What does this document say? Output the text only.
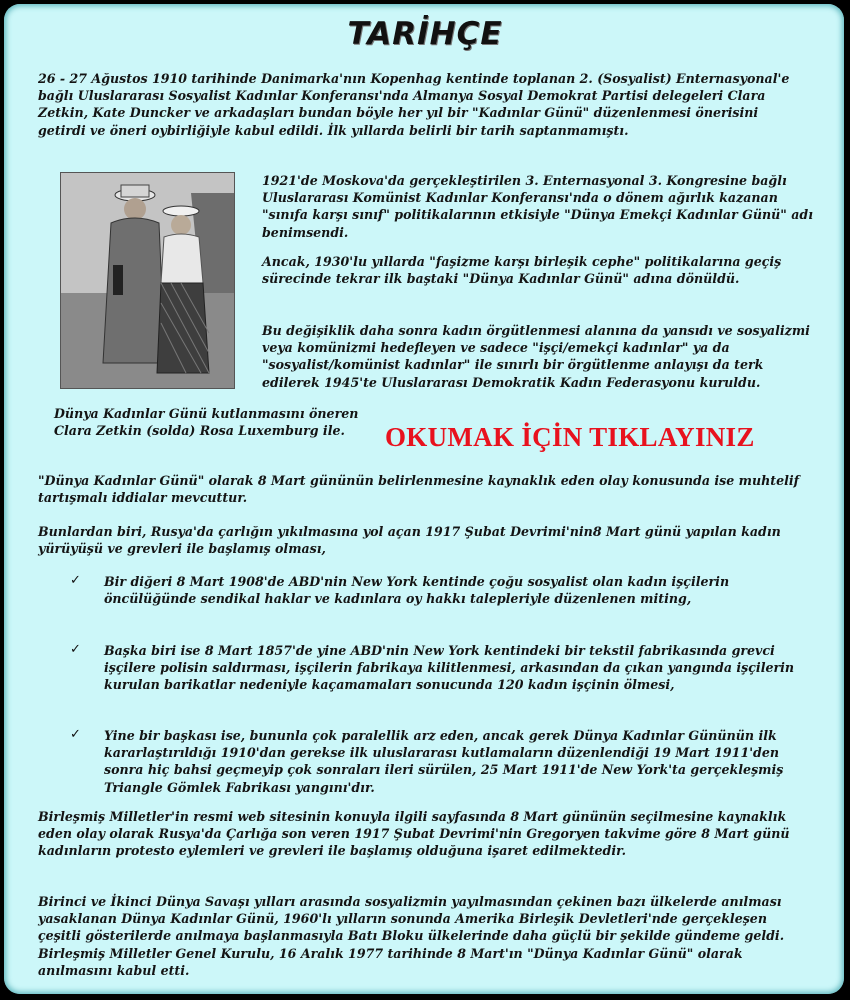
TARİHÇE

26 - 27 Ağustos 1910 tarihinde Danimarka'nın Kopenhag kentinde toplanan 2. (Sosyalist) Enternasyonal'e bağlı Uluslararası Sosyalist Kadınlar Konferansı'nda Almanya Sosyal Demokrat Partisi delegeleri Clara Zetkin, Kate Duncker ve arkadaşları bundan böyle her yıl bir "Kadınlar Günü" düzenlenmesi önerisini getirdi ve öneri oybirliğiyle kabul edildi. İlk yıllarda belirli bir tarih saptanmamıştı.

Dünya Kadınlar Günü kutlanmasını öneren Clara Zetkin (solda) Rosa Luxemburg ile.

1921'de Moskova'da gerçekleştirilen 3. Enternasyonal 3. Kongresine bağlı Uluslararası Komünist Kadınlar Konferansı'nda o dönem ağırlık kazanan "sınıfa karşı sınıf" politikalarının etkisiyle "Dünya Emekçi Kadınlar Günü" adı benimsendi.

Ancak, 1930'lu yıllarda "faşizme karşı birleşik cephe" politikalarına geçiş sürecinde tekrar ilk baştaki "Dünya Kadınlar Günü" adına dönüldü.

Bu değişiklik daha sonra kadın örgütlenmesi alanına da yansıdı ve sosyalizmi veya komünizmi hedefleyen ve sadece "işçi/emekçi kadınlar" ya da "sosyalist/komünist kadınlar" ile sınırlı bir örgütlenme anlayışı da terk edilerek 1945'te Uluslararası Demokratik Kadın Federasyonu kuruldu.

OKUMAK İÇİN TIKLAYINIZ

"Dünya Kadınlar Günü" olarak 8 Mart gününün belirlenmesine kaynaklık eden olay konusunda ise muhtelif tartışmalı iddialar mevcuttur.

Bunlardan biri, Rusya'da çarlığın yıkılmasına yol açan 1917 Şubat Devrimi'nin8 Mart günü yapılan kadın yürüyüşü ve grevleri ile başlamış olması,

✓ Bir diğeri 8 Mart 1908'de ABD'nin New York kentinde çoğu sosyalist olan kadın işçilerin öncülüğünde sendikal haklar ve kadınlara oy hakkı talepleriyle düzenlenen miting,

✓ Başka biri ise 8 Mart 1857'de yine ABD'nin New York kentindeki bir tekstil fabrikasında grevci işçilere polisin saldırması, işçilerin fabrikaya kilitlenmesi, arkasından da çıkan yangında işçilerin kurulan barikatlar nedeniyle kaçamamaları sonucunda 120 kadın işçinin ölmesi,

✓ Yine bir başkası ise, bununla çok paralellik arz eden, ancak gerek Dünya Kadınlar Gününün ilk kararlaştırıldığı 1910'dan gerekse ilk uluslararası kutlamaların düzenlendiği 19 Mart 1911'den sonra hiç bahsi geçmeyip çok sonraları ileri sürülen, 25 Mart 1911'de New York'ta gerçekleşmiş Triangle Gömlek Fabrikası yangını'dır.

Birleşmiş Milletler'in resmi web sitesinin konuyla ilgili sayfasında 8 Mart gününün seçilmesine kaynaklık eden olay olarak Rusya'da Çarlığa son veren 1917 Şubat Devrimi'nin Gregoryen takvime göre 8 Mart günü kadınların protesto eylemleri ve grevleri ile başlamış olduğuna işaret edilmektedir.

Birinci ve İkinci Dünya Savaşı yılları arasında sosyalizmin yayılmasından çekinen bazı ülkelerde anılması yasaklanan Dünya Kadınlar Günü, 1960'lı yılların sonunda Amerika Birleşik Devletleri'nde gerçekleşen çeşitli gösterilerde anılmaya başlanmasıyla Batı Bloku ülkelerinde daha güçlü bir şekilde gündeme geldi. Birleşmiş Milletler Genel Kurulu, 16 Aralık 1977 tarihinde 8 Mart'ın "Dünya Kadınlar Günü" olarak anılmasını kabul etti.
